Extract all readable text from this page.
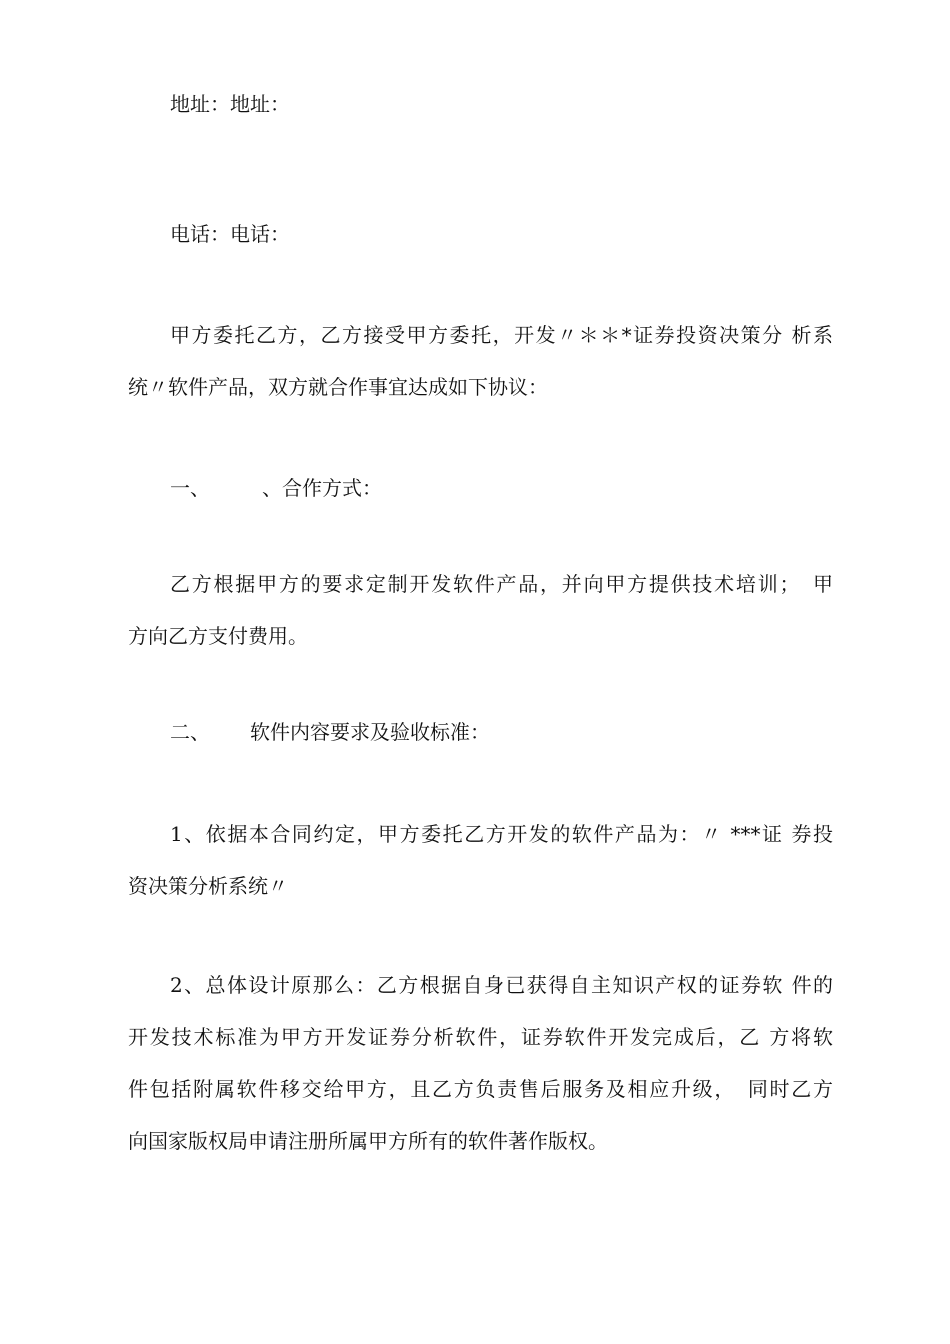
地址：地址：
电话：电话：
甲方委托乙方，乙方接受甲方委托，开发〃＊＊*证券投资决策分 析系
统〃软件产品，双方就合作事宜达成如下协议：
一、	、合作方式：
乙方根据甲方的要求定制开发软件产品，并向甲方提供技术培训；　甲
方向乙方支付费用。
二、 软件内容要求及验收标准：
1、依据本合同约定，甲方委托乙方开发的软件产品为：〃 ***证 券投
资决策分析系统〃
2、总体设计原那么：乙方根据自身已获得自主知识产权的证券软 件的
开发技术标准为甲方开发证券分析软件，证券软件开发完成后，乙 方将软
件包括附属软件移交给甲方，且乙方负责售后服务及相应升级，　同时乙方
向国家版权局申请注册所属甲方所有的软件著作版权。
